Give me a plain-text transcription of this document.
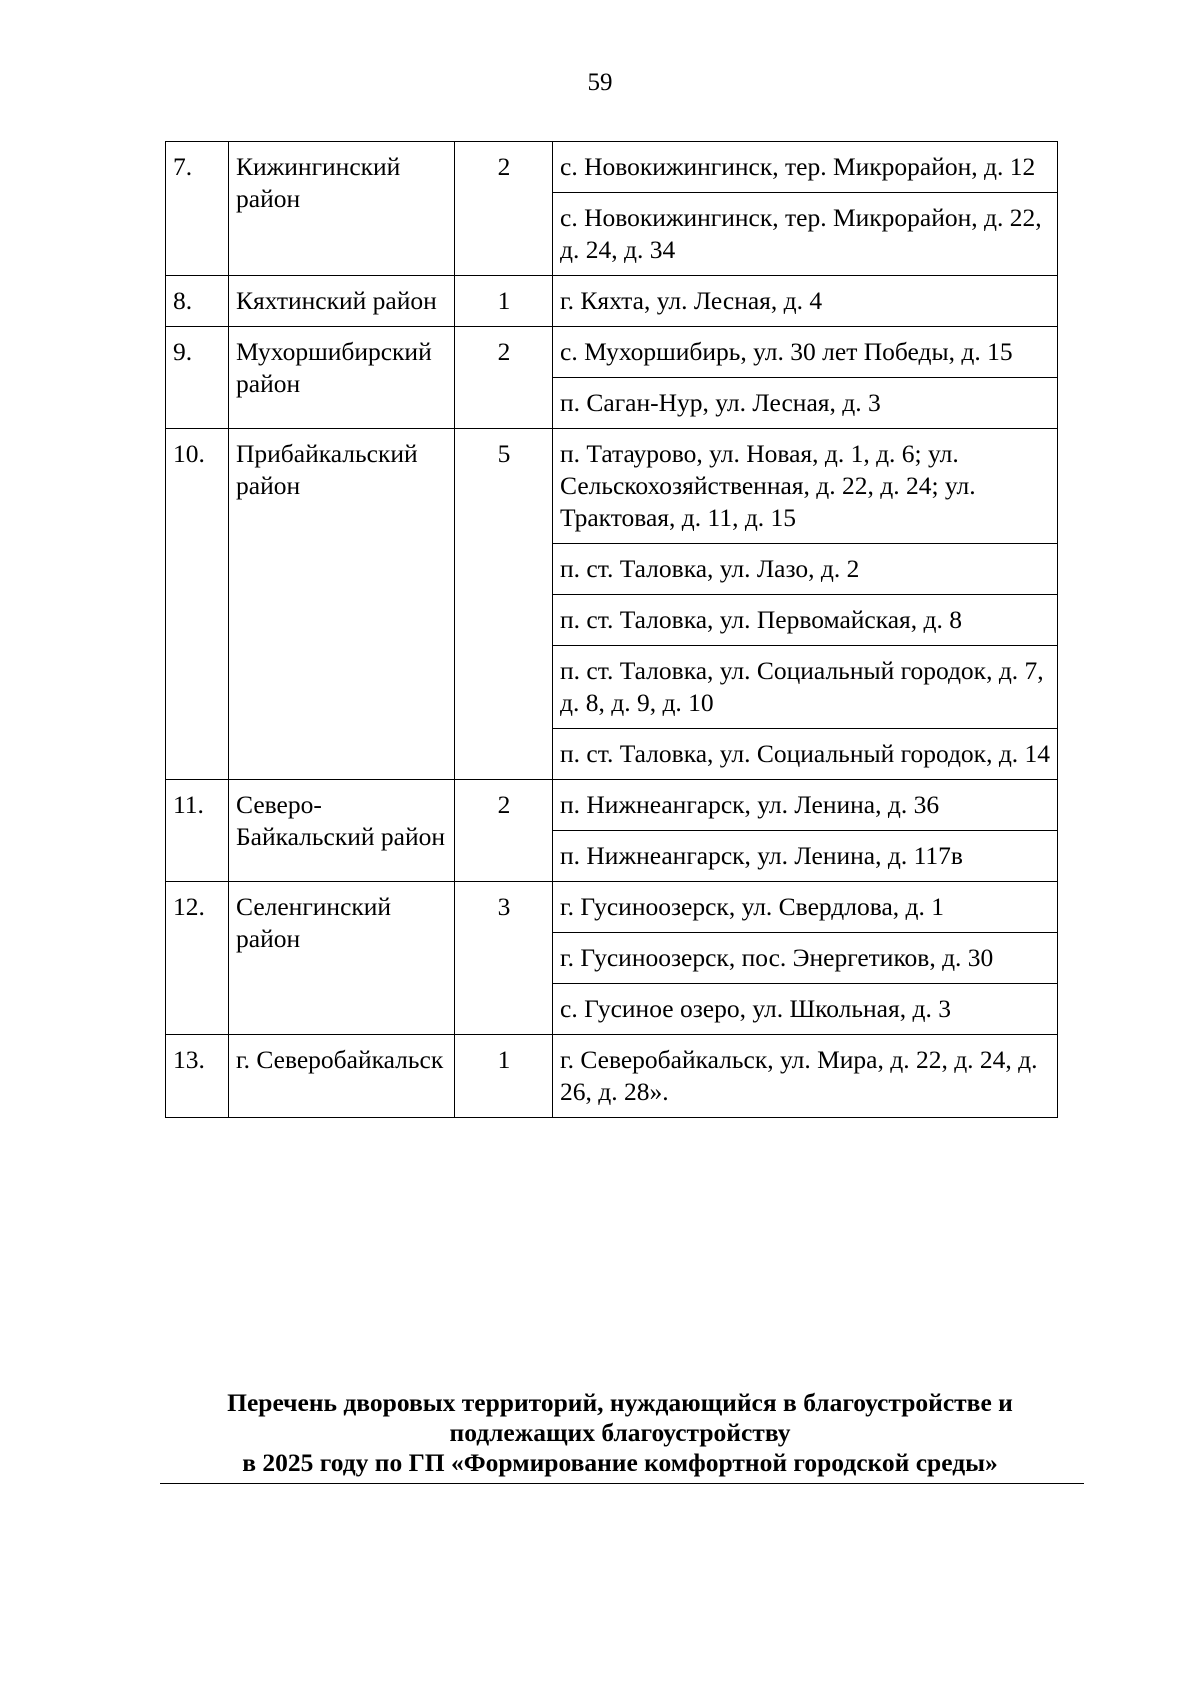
59
7.	Кижингинский район	2	с. Новокижингинск, тер. Микрорайон, д. 12
			с. Новокижингинск, тер. Микрорайон, д. 22, д. 24, д. 34
8.	Кяхтинский район	1	г. Кяхта, ул. Лесная, д. 4
9.	Мухоршибирский район	2	с. Мухоршибирь, ул. 30 лет Победы, д. 15
			п. Саган-Нур, ул. Лесная, д. 3
10.	Прибайкальский район	5	п. Татаурово, ул. Новая, д. 1, д. 6; ул. Сельскохозяйственная, д. 22, д. 24; ул. Трактовая, д. 11, д. 15
			п. ст. Таловка, ул. Лазо, д. 2
			п. ст. Таловка, ул. Первомайская, д. 8
			п. ст. Таловка, ул. Социальный городок, д. 7, д. 8, д. 9, д. 10
			п. ст. Таловка, ул. Социальный городок, д. 14
11.	Северо-Байкальский район	2	п. Нижнеангарск, ул. Ленина, д. 36
			п. Нижнеангарск, ул. Ленина, д. 117в
12.	Селенгинский район	3	г. Гусиноозерск, ул. Свердлова, д. 1
			г. Гусиноозерск, пос. Энергетиков, д. 30
			с. Гусиное озеро, ул. Школьная, д. 3
13.	г. Северобайкальск	1	г. Северобайкальск, ул. Мира, д. 22, д. 24, д. 26, д. 28».
Перечень дворовых территорий, нуждающийся в благоустройстве и
подлежащих благоустройству
в 2025 году по ГП «Формирование комфортной городской среды»
